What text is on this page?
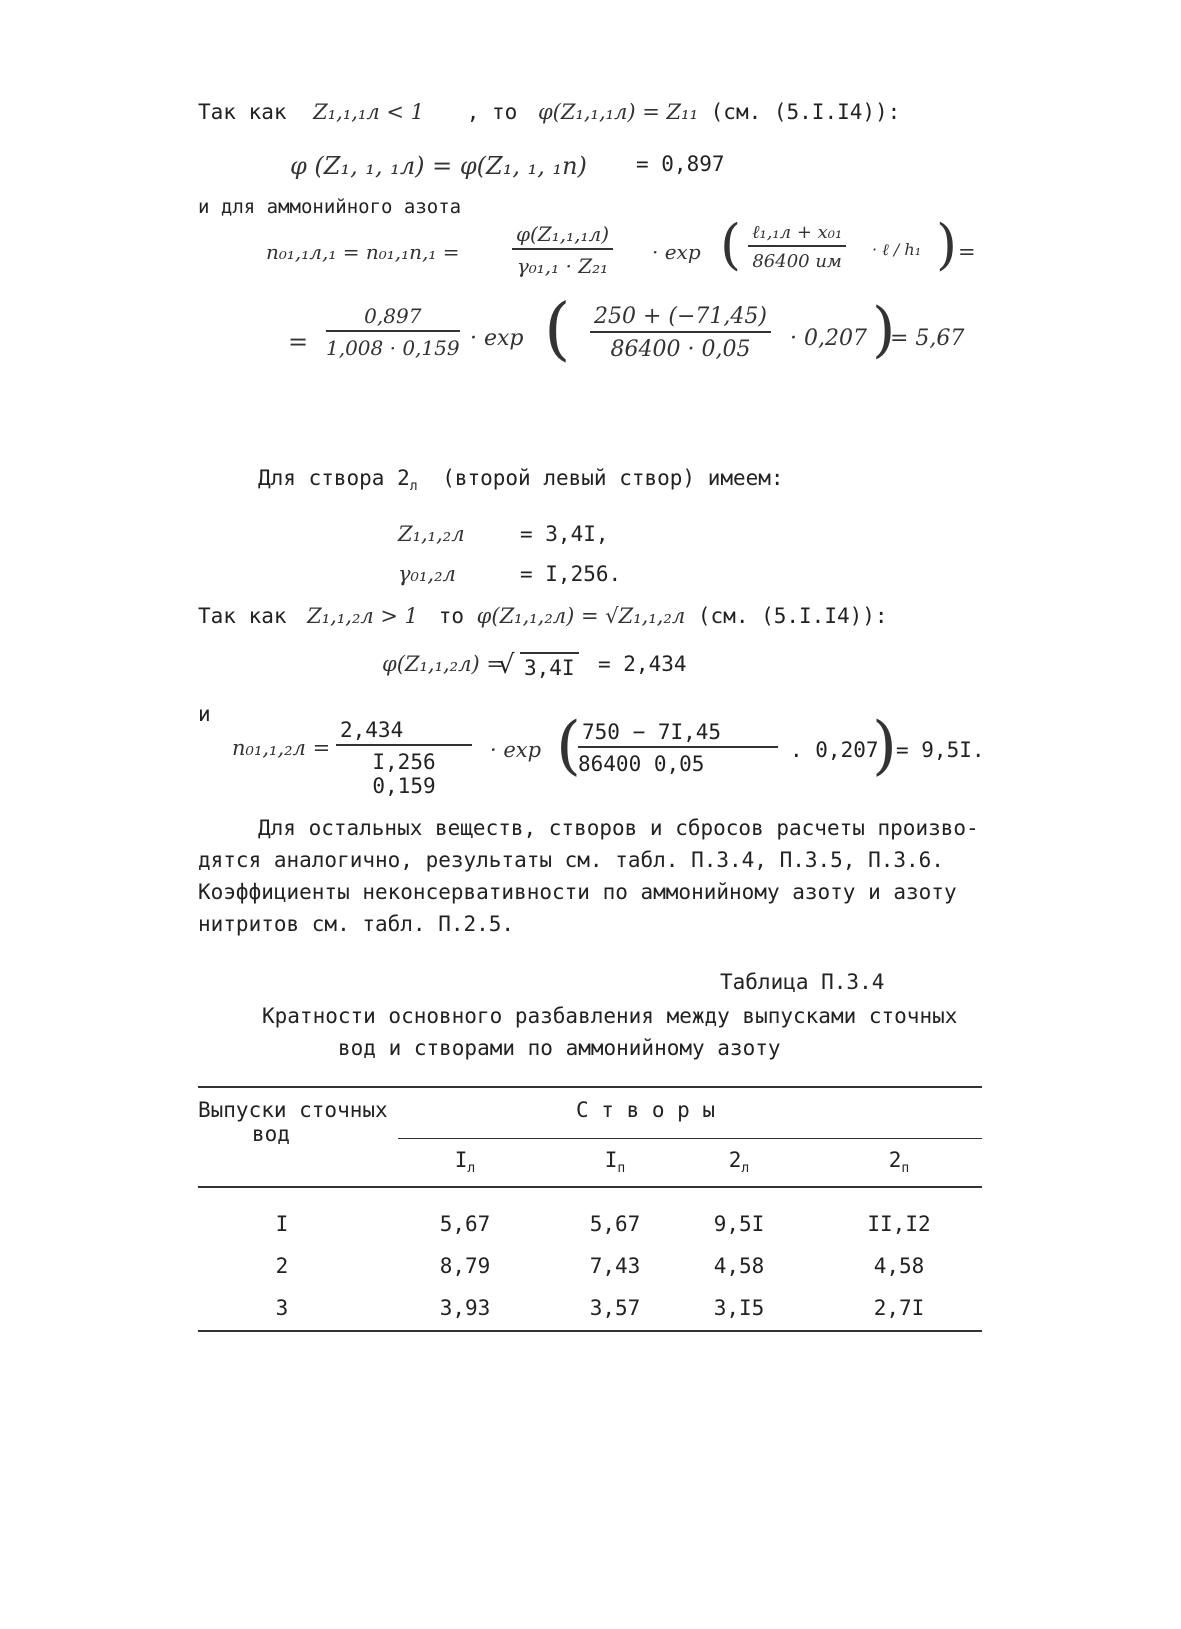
Так как Z₁,₁,₁л < 1 , то φ(Z₁,₁,₁л) = Z₁₁ (см. (5.I.I4)):
φ (Z₁, ₁, ₁л) = φ(Z₁, ₁, ₁п) = 0,897
и для аммонийного азота
n₀₁,₁л,₁ = n₀₁,₁п,₁ =
φ(Z₁,₁,₁л)
γ₀₁,₁ · Z₂₁
· exp ( ℓ₁,₁л + x₀₁
86400 uм
· ℓ / h₁ ) =
= $\frac{0,897}{1,008 \cdot 0,159} \cdot \exp$ ( $\frac{250 + (-71,45)}{86400 \cdot 0,05} \cdot 0,207$ )
= 5,67
Для створа $2_л$ (второй левый створ) имеем:
Z₁,₁,₂л	= 3,4I,
γ₀₁,₂л	= I,256.
Так как Z₁,₁,₂л > 1 то φ(Z₁,₁,₂л) = √Z₁,₁,₂л (см. (5.I.I4)):
φ(Z₁,₁,₂л) =
√ 3,4I = 2,434
и
$n_{01},_1,_2л = \frac{2,434}{I,256 0,159} \cdot \exp$ (
$\frac{750 - 7I,45}{86400 0,05}$ . 0,207
) = 9,5I.
Для остальных веществ, створов и сбросов расчеты произво-
дятся аналогично, результаты см. табл. П.3.4, П.3.5, П.3.6.
Коэффициенты неконсервативности по аммонийному азоту и азоту
нитритов см. табл. П.2.5.
Таблица П.3.4
Кратности основного разбавления между выпусками сточных
вод и створами по аммонийному азоту
Выпуски сточных
вод
С т в о р ы
$I_л$	$I_п$	$2_л$	$2_п$
I	5,67	5,67	9,5I	II,I2
2	8,79	7,43	4,58	4,58
3	3,93	3,57	3,I5	2,7I
